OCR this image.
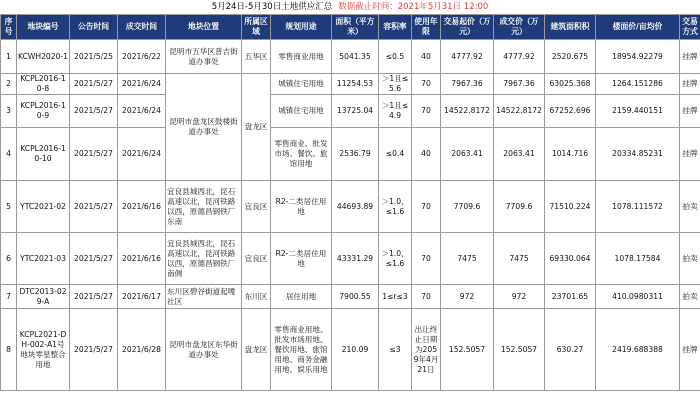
5月24日-5月30日土地供应汇总 数据截止时间：2021年5月31日 12:00
序号	地块编号	公告时间	成交时间	地块位置	所属区域	规划用途	面积（平方米）	容积率	使用年限	交易起价（万元）	成交价（万元）	建筑面积积	楼面价/亩均价	交易方式
1	KCWH2020-1	2021/5/25	2021/6/22	昆明市五华区普吉街道办事处	五华区	零售商业用地	5041.35	≤0.5	40	4777.92	4777.92	2520.675	18954.92279	挂牌
2	KCPL2016-10-8	2021/5/27	2021/6/24	昆明市盘龙区鼓楼街道办事处	盘龙区	城镇住宅用地	11254.53	＞1且≤5.6	70	7967.36	7967.36	63025.368	1264.151286	挂牌
3	KCPL2016-10-9	2021/5/27	2021/6/24			城镇住宅用地	13725.04	＞1且≤4.9	70	14522.8172	14522.8172	67252.696	2159.440151	挂牌
4	KCPL2016-10-10	2021/5/27	2021/6/24			零售商业、批发市场、餐饮、旅馆用地	2536.79	≤0.4	40	2063.41	2063.41	1014.716	20334.85231	挂牌
5	YTC2021-02	2021/5/27	2021/6/16	宜良县城西北，昆石高速以北，昆河铁路以西，原德昌钢铁厂东南	宜良区	R2-二类居住用地	44693.89	＞1.0，≤1.6	70	7709.6	7709.6	71510.224	1078.111572	拍卖
6	YTC2021-03	2021/5/27	2021/6/16	宜良县城西北，昆石高速以北，昆河铁路以西，原德昌钢铁厂南侧	宜良区	R2-二类居住用地	43331.29	＞1.0，≤1.6	70	7475	7475	69330.064	1078.17584	拍卖
7	DTC2013-029-A	2021/5/27	2021/6/17	东川区碧谷街道起嘎社区	东川区	居住用地	7900.55	1≤r≤3	70	972	972	23701.65	410.0980311	拍卖
8	KCPL2021-DH-002-A1号地块零星整合用地	2021/5/27	2021/6/28	昆明市盘龙区东华街道办事处	盘龙区	零售商业用地、批发市场用地、餐饮用地、旅馆用地、商务金融用地、娱乐用地	210.09	≤3	出让终止日期为2059年4月21日	152.5057	152.5057	630.27	2419.688388	挂牌
